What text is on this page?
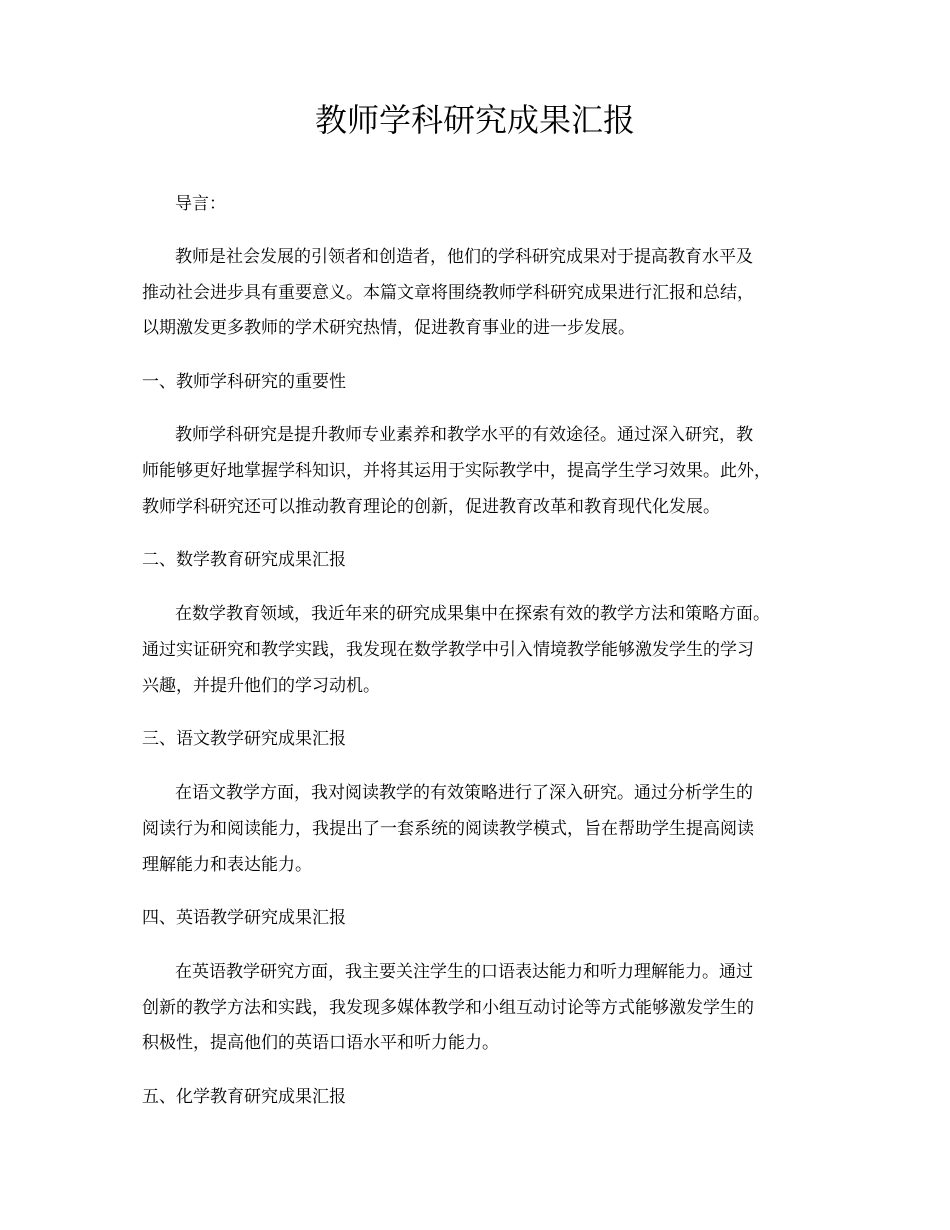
教师学科研究成果汇报

导言：

教师是社会发展的引领者和创造者，他们的学科研究成果对于提高教育水平及

推动社会进步具有重要意义。本篇文章将围绕教师学科研究成果进行汇报和总结，

以期激发更多教师的学术研究热情，促进教育事业的进一步发展。

一、教师学科研究的重要性

教师学科研究是提升教师专业素养和教学水平的有效途径。通过深入研究，教

师能够更好地掌握学科知识，并将其运用于实际教学中，提高学生学习效果。此外，

教师学科研究还可以推动教育理论的创新，促进教育改革和教育现代化发展。

二、数学教育研究成果汇报

在数学教育领域，我近年来的研究成果集中在探索有效的教学方法和策略方面。

通过实证研究和教学实践，我发现在数学教学中引入情境教学能够激发学生的学习

兴趣，并提升他们的学习动机。

三、语文教学研究成果汇报

在语文教学方面，我对阅读教学的有效策略进行了深入研究。通过分析学生的

阅读行为和阅读能力，我提出了一套系统的阅读教学模式，旨在帮助学生提高阅读

理解能力和表达能力。

四、英语教学研究成果汇报

在英语教学研究方面，我主要关注学生的口语表达能力和听力理解能力。通过

创新的教学方法和实践，我发现多媒体教学和小组互动讨论等方式能够激发学生的

积极性，提高他们的英语口语水平和听力能力。

五、化学教育研究成果汇报
